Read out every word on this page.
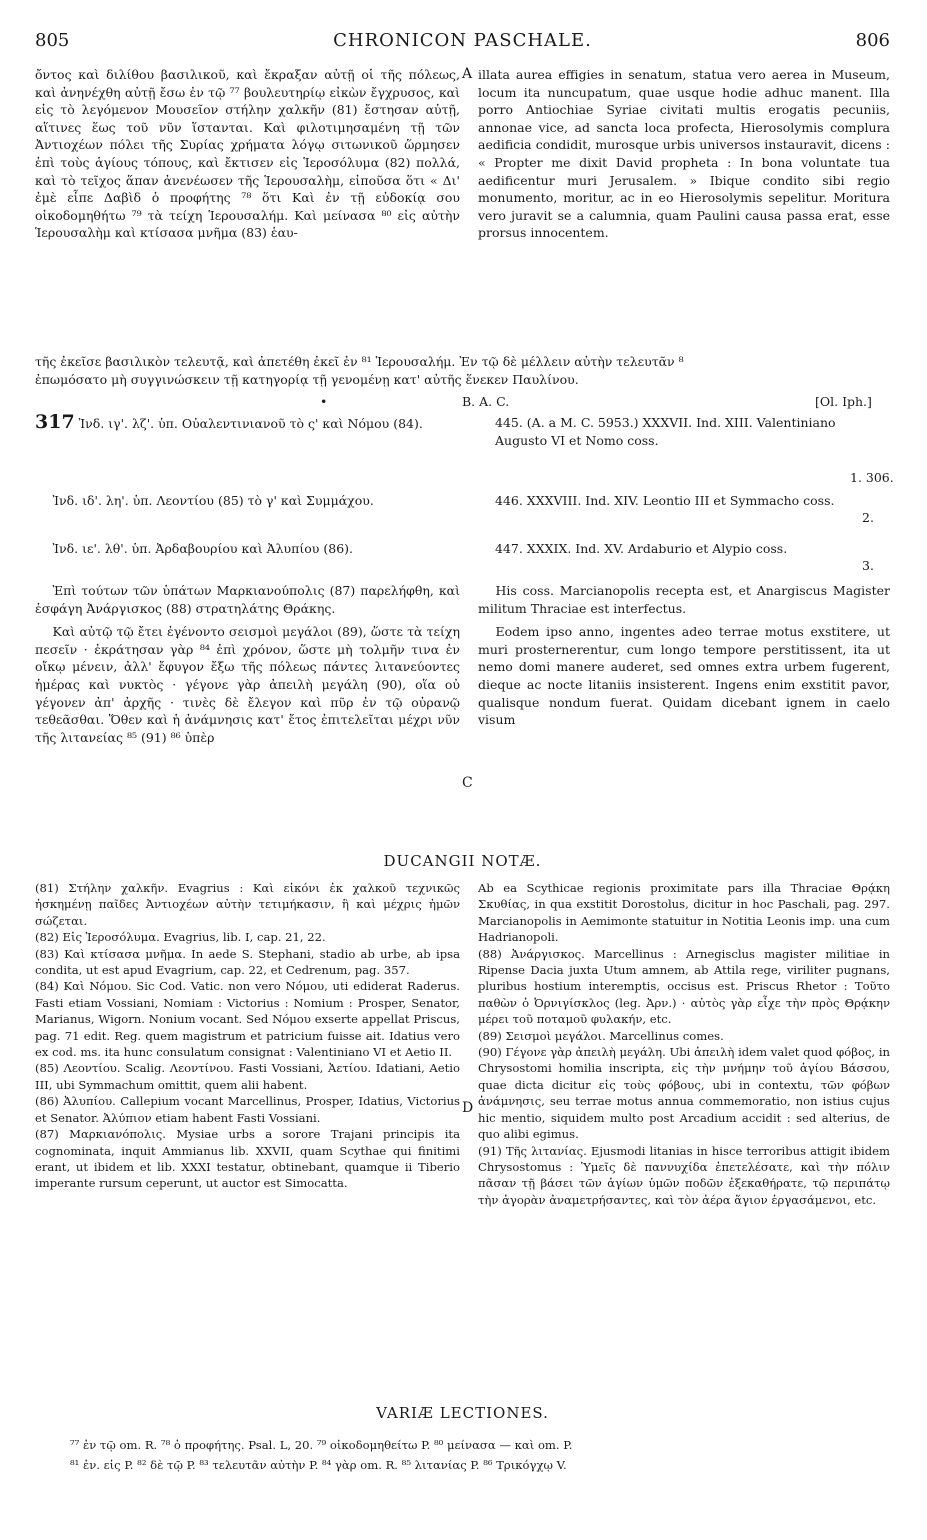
805	CHRONICON PASCHALE.	806

ὄντος καὶ διλίθου βασιλικοῦ, καὶ ἔκραξαν αὐτῇ οἱ τῆς πόλεως, καὶ ἀνηνέχθη αὐτῇ ἔσω ἐν τῷ ⁷⁷ βουλευτηρίῳ εἰκὼν ἔγχρυσος, καὶ εἰς τὸ λεγόμενον Μουσεῖον στήλην χαλκῆν (81) ἔστησαν αὐτῇ, αἵτινες ἕως τοῦ νῦν ἵστανται. Καὶ φιλοτιμησαμένη τῇ τῶν Ἀντιοχέων πόλει τῆς Συρίας χρήματα λόγῳ σιτωνικοῦ ὥρμησεν ἐπὶ τοὺς ἁγίους τόπους, καὶ ἔκτισεν εἰς Ἱεροσόλυμα (82) πολλά, καὶ τὸ τεῖχος ἅπαν ἀνενέωσεν τῆς Ἱερουσαλὴμ, εἰποῦσα ὅτι « Δι' ἐμὲ εἶπε Δαβὶδ ὁ προφήτης ⁷⁸ ὅτι Καὶ ἐν τῇ εὐδοκίᾳ σου οἰκοδομηθήτω ⁷⁹ τὰ τείχη Ἱερουσαλήμ. Καὶ μείνασα ⁸⁰ εἰς αὐτὴν Ἱερουσαλὴμ καὶ κτίσασα μνῆμα (83) ἑαυ-

A illata aurea effigies in senatum, statua vero aerea in Museum, locum ita nuncupatum, quae usque hodie adhuc manent. Illa porro Antiochiae Syriae civitati multis erogatis pecuniis, annonae vice, ad sancta loca profecta, Hierosolymis complura aedificia condidit, murosque urbis universos instauravit, dicens : « Propter me dixit David propheta : In bona voluntate tua aedificentur muri Jerusalem. » Ibique condito sibi regio monumento, moritur, ac in eo Hierosolymis sepelitur. Moritura vero juravit se a calumnia, quam Paulini causa passa erat, esse prorsus innocentem.

τῆς ἐκεῖσε βασιλικὸν τελευτᾷ, καὶ ἀπετέθη ἐκεῖ ἐν ⁸¹ Ἱερουσαλήμ. Ἐν τῷ δὲ μέλλειν αὐτὴν τελευτᾶν ⁸
ἐπωμόσατο μὴ συγγινώσκειν τῇ κατηγορίᾳ τῇ γενομένῃ κατ' αὐτῆς ἕνεκεν Παυλίνου.
•	B. A. C.	[Ol. Iph.]
317 Ἰνδ. ιγ'. λζ'. ὑπ. Οὐαλεντινιανοῦ τὸ ς' καὶ Νόμου (84).	445. (A. a M. C. 5953.) XXXVII. Ind. XIII. Valentiniano Augusto VI et Nomo coss.
1. 306.
Ἰνδ. ιδ'. λη'. ὑπ. Λεοντίου (85) τὸ γ' καὶ Συμμάχου.	446. XXXVIII. Ind. XIV. Leontio III et Symmacho coss.
2.
Ἰνδ. ιε'. λθ'. ὑπ. Ἀρδαβουρίου καὶ Ἀλυπίου (86).	447. XXXIX. Ind. XV. Ardaburio et Alypio coss.
3.

Ἐπὶ τούτων τῶν ὑπάτων Μαρκιανούπολις (87) παρελήφθη, καὶ ἐσφάγη Ἀνάργισκος (88) στρατηλάτης Θράκης.

Καὶ αὐτῷ τῷ ἔτει ἐγένοντο σεισμοὶ μεγάλοι (89), ὥστε τὰ τείχη πεσεῖν · ἐκράτησαν γὰρ ⁸⁴ ἐπὶ χρόνον, ὥστε μὴ τολμῆν τινα ἐν οἴκῳ μένειν, ἀλλ' ἔφυγον ἔξω τῆς πόλεως πάντες λιτανεύοντες ἡμέρας καὶ νυκτὸς · γέγονε γὰρ ἀπειλὴ μεγάλη (90), οἵα οὐ γέγονεν ἀπ' ἀρχῆς · τινὲς δὲ ἔλεγον καὶ πῦρ ἐν τῷ οὐρανῷ τεθεᾶσθαι. Ὅθεν καὶ ἡ ἀνάμνησις κατ' ἔτος ἐπιτελεῖται μέχρι νῦν τῆς λιτανείας ⁸⁵ (91) ⁸⁶ ὑπὲρ

C

His coss. Marcianopolis recepta est, et Anargiscus Magister militum Thraciae est interfectus.

Eodem ipso anno, ingentes adeo terrae motus exstitere, ut muri prosternerentur, cum longo tempore perstitissent, ita ut nemo domi manere auderet, sed omnes extra urbem fugerent, dieque ac nocte litaniis insisterent. Ingens enim exstitit pavor, qualisque nondum fuerat. Quidam dicebant ignem in caelo visum

DUCANGII NOTÆ.

(81) Στήλην χαλκῆν. Evagrius : Καὶ εἰκόνι ἐκ χαλκοῦ τεχνικῶς ἠσκημένῃ παῖδες Ἀντιοχέων αὐτὴν τετιμήκασιν, ἣ καὶ μέχρις ἡμῶν σώζεται.

(82) Εἰς Ἱεροσόλυμα. Evagrius, lib. I, cap. 21, 22.

(83) Καὶ κτίσασα μνῆμα. In aede S. Stephani, stadio ab urbe, ab ipsa condita, ut est apud Evagrium, cap. 22, et Cedrenum, pag. 357.

(84) Καὶ Νόμου. Sic Cod. Vatic. non vero Νόμου, uti ediderat Raderus. Fasti etiam Vossiani, Nomiam : Victorius : Nomium : Prosper, Senator, Marianus, Wigorn. Nonium vocant. Sed Νόμου exserte appellat Priscus, pag. 71 edit. Reg. quem magistrum et patricium fuisse ait. Idatius vero ex cod. ms. ita hunc consulatum consignat : Valentiniano VI et Aetio II.

(85) Λεοντίου. Scalig. Λεοντίνου. Fasti Vossiani, Ἀετίου. Idatiani, Aetio III, ubi Symmachum omittit, quem alii habent.

(86) Ἀλυπίου. Callepium vocant Marcellinus, Prosper, Idatius, Victorius et Senator. Ἀλύπιον etiam habent Fasti Vossiani.

(87) Μαρκιανόπολις. Mysiae urbs a sorore Trajani principis ita cognominata, inquit Ammianus lib. XXVII, quam Scythae qui finitimi erant, ut ibidem et lib. XXXI testatur, obtinebant, quamque ii Tiberio imperante rursum ceperunt, ut auctor est Simocatta.

D

Ab ea Scythicae regionis proximitate pars illa Thraciae Θρᾴκη Σκυθίας, in qua exstitit Dorostolus, dicitur in hoc Paschali, pag. 297. Marcianopolis in Aemimonte statuitur in Notitia Leonis imp. una cum Hadrianopoli.

(88) Ἀνάργισκος. Marcellinus : Arnegisclus magister militiae in Ripense Dacia juxta Utum amnem, ab Attila rege, viriliter pugnans, pluribus hostium interemptis, occisus est. Priscus Rhetor : Τοῦτο παθὼν ὁ Ὀρνιγίσκλος (leg. Ἀρν.) · αὐτὸς γὰρ εἶχε τὴν πρὸς Θρᾴκην μέρει τοῦ ποταμοῦ φυλακήν, etc.

(89) Σεισμοὶ μεγάλοι. Marcellinus comes.

(90) Γέγονε γὰρ ἀπειλὴ μεγάλη. Ubi ἀπειλὴ idem valet quod φόβος, in Chrysostomi homilia inscripta, εἰς τὴν μνήμην τοῦ ἁγίου Βάσσου, quae dicta dicitur εἰς τοὺς φόβους, ubi in contextu, τῶν φόβων ἀνάμνησις, seu terrae motus annua commemoratio, non istius cujus hic mentio, siquidem multo post Arcadium accidit : sed alterius, de quo alibi egimus.

(91) Τῆς λιτανίας. Ejusmodi litanias in hisce terroribus attigit ibidem Chrysostomus : Ὑμεῖς δὲ παννυχίδα ἐπετελέσατε, καὶ τὴν πόλιν πᾶσαν τῇ βάσει τῶν ἁγίων ὑμῶν ποδῶν ἐξεκαθήρατε, τῷ περιπάτῳ τὴν ἀγορὰν ἀναμετρήσαντες, καὶ τὸν ἀέρα ἅγιον ἐργασάμενοι, etc.

VARIÆ LECTIONES.
⁷⁷ ἐν τῷ om. R. ⁷⁸ ὁ προφήτης. Psal. L, 20. ⁷⁹ οἰκοδομηθείτω P. ⁸⁰ μείνασα — καὶ om. P.
⁸¹ ἐν. εἰς P. ⁸² δὲ τῷ P. ⁸³ τελευτᾶν αὐτὴν P. ⁸⁴ γὰρ om. R. ⁸⁵ λιτανίας P. ⁸⁶ Τρικόγχῳ V.
